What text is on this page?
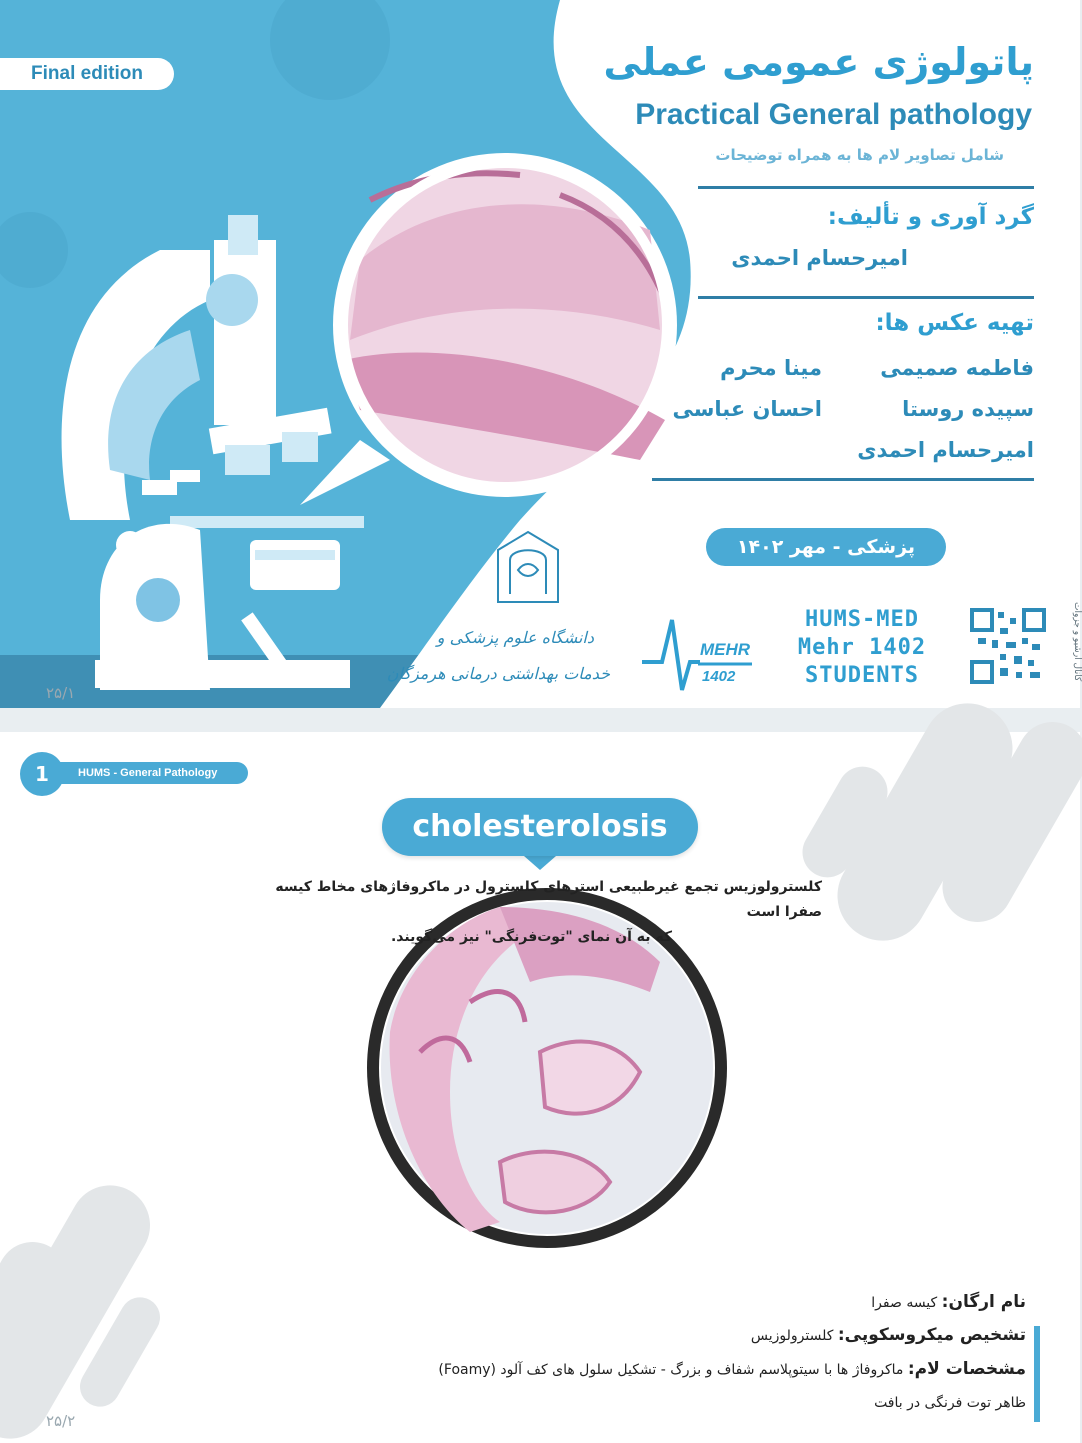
Final edition	پاتولوژی عمومی عملی
Practical General pathology
شامل تصاویر لام ها به همراه توضیحات
گرد آوری و تألیف:
امیرحسام احمدی
تهیه عکس ها:
فاطمه صمیمی
مینا محرم
سپیده روستا
احسان عباسی
امیرحسام احمدی
پزشکی - مهر ۱۴۰۲
دانشگاه علوم پزشکی و
خدمات بهداشتی درمانی هرمزگان
MEHR
1402
HUMS-MED
Mehr 1402
STUDENTS	کانال آرشیو و جزوات
۲۵/۱
1	HUMS - General Pathology
cholesterolosis
کلسترولوزیس تجمع غیرطبیعی استرهای کلسترول در ماکروفاژهای مخاط کیسه صفرا است
که به آن نمای "توت‌فرنگی" نیز می‌گویند.
نام ارگان: کیسه صفرا
تشخیص میکروسکوپی: کلسترولوزیس
مشخصات لام: ماکروفاژ ها با سیتوپلاسم شفاف و بزرگ - تشکیل سلول های کف آلود (Foamy)
ظاهر توت فرنگی در بافت
۲۵/۲
